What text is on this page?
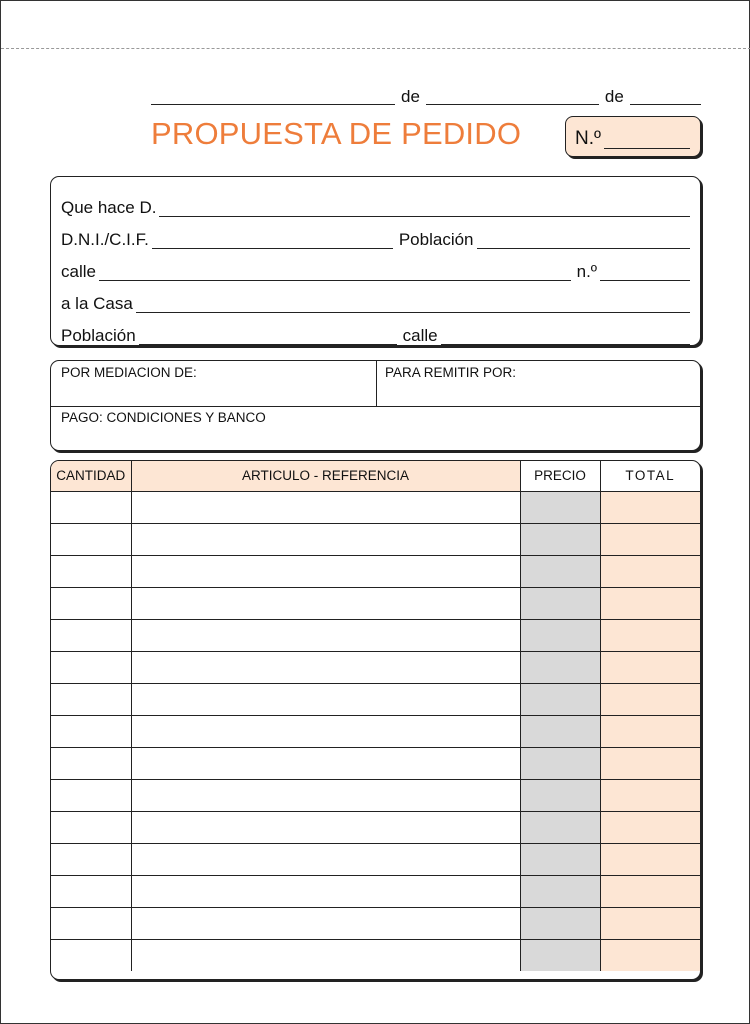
de	de
PROPUESTA DE PEDIDO	N.º
Que hace D.
D.N.I./C.I.F.	Población
calle	n.º
a la Casa
Población	calle
POR MEDIACION DE:	PARA REMITIR POR:
PAGO: CONDICIONES Y BANCO
CANTIDAD	ARTICULO - REFERENCIA	PRECIO	TOTAL
